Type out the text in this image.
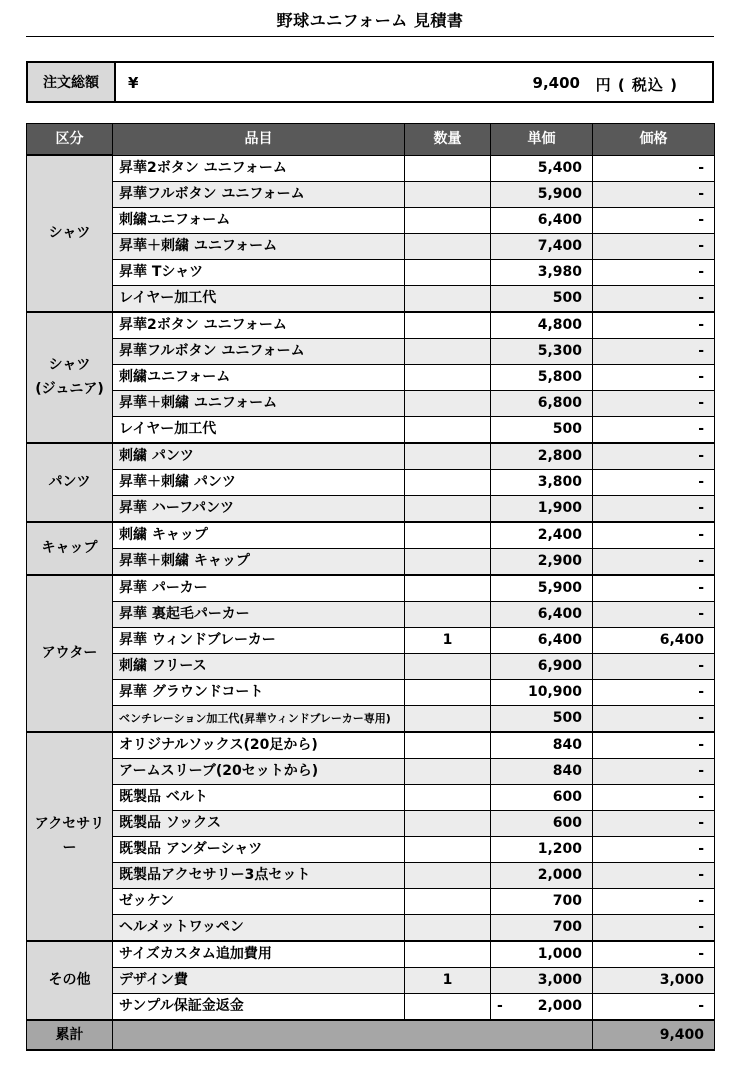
野球ユニフォーム 見積書
注文総額	¥	9,400 円 ( 税込 )
区分	品目	数量	単価	価格

シャツ	昇華2ボタン ユニフォーム		5,400	-
	昇華フルボタン ユニフォーム		5,900	-
	刺繍ユニフォーム		6,400	-
	昇華＋刺繍 ユニフォーム		7,400	-
	昇華 Tシャツ		3,980	-
	レイヤー加工代		500	-

シャツ
(ジュニア)	昇華2ボタン ユニフォーム		4,800	-
	昇華フルボタン ユニフォーム		5,300	-
	刺繍ユニフォーム		5,800	-
	昇華＋刺繍 ユニフォーム		6,800	-
	レイヤー加工代		500	-

パンツ	刺繍 パンツ		2,800	-
	昇華＋刺繍 パンツ		3,800	-
	昇華 ハーフパンツ		1,900	-

キャップ	刺繍 キャップ		2,400	-
	昇華＋刺繍 キャップ		2,900	-

アウター	昇華 パーカー		5,900	-
	昇華 裏起毛パーカー		6,400	-
	昇華 ウィンドブレーカー	1	6,400	6,400
	刺繍 フリース		6,900	-
	昇華 グラウンドコート		10,900	-
	ベンチレーション加工代(昇華ウィンドブレーカー専用)		500	-

アクセサリー	オリジナルソックス(20足から)		840	-
	アームスリーブ(20セットから)		840	-
	既製品 ベルト		600	-
	既製品 ソックス		600	-
	既製品 アンダーシャツ		1,200	-
	既製品アクセサリー3点セット		2,000	-
	ゼッケン		700	-
	ヘルメットワッペン		700	-

その他	サイズカスタム追加費用		1,000	-
	デザイン費	1	3,000	3,000
	サンプル保証金返金		- 2,000	-
累計				9,400
